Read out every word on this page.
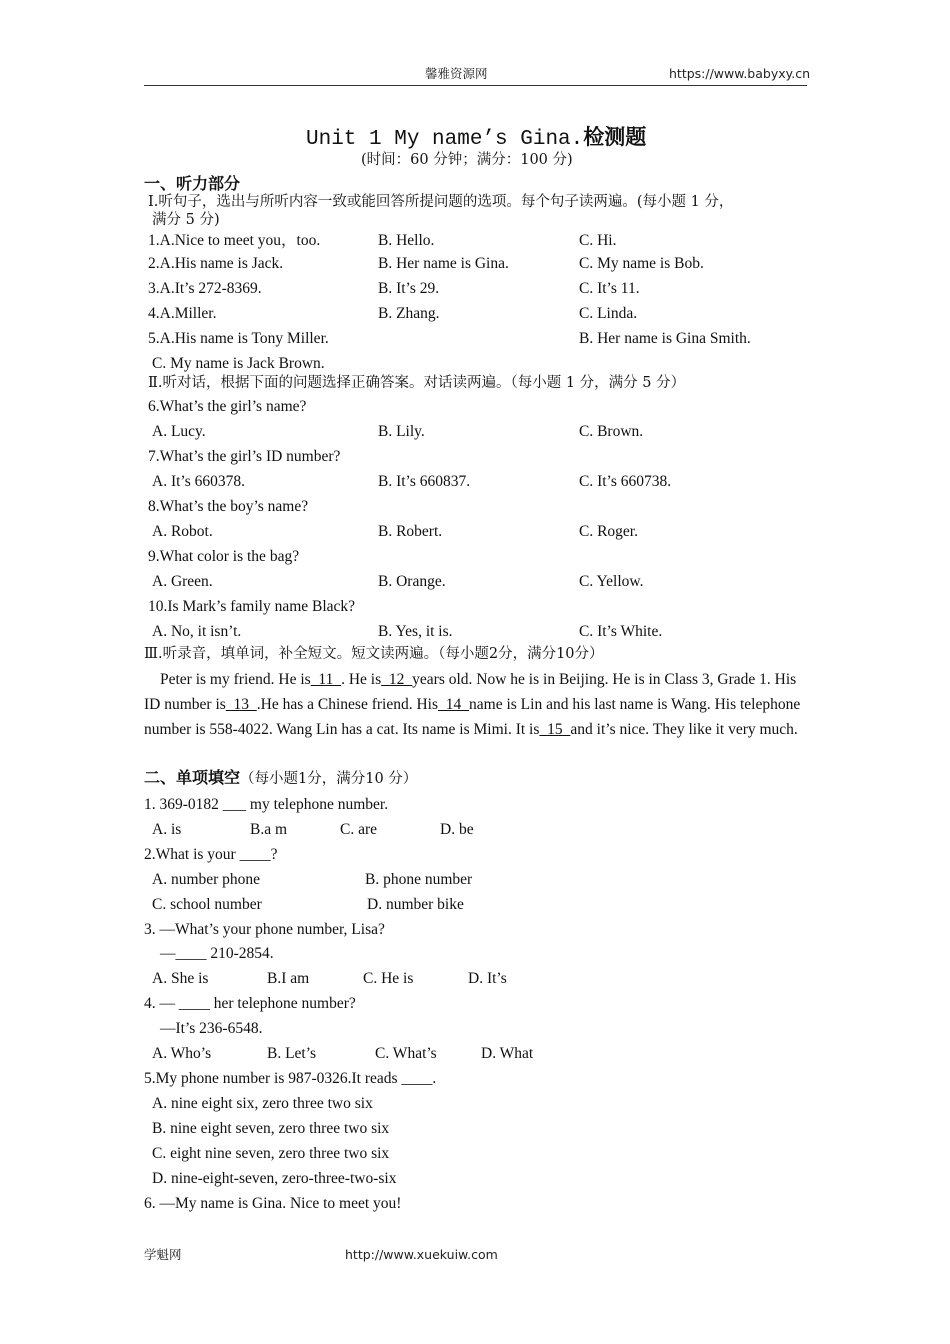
馨雅资源网	https://www.babyxy.cn
Unit 1 My name’s Gina.检测题
(时间：60 分钟；满分：100 分)
一、听力部分
Ⅰ.听句子，选出与所听内容一致或能回答所提问题的选项。每个句子读两遍。(每小题 1 分，
满分 5 分)
1.A.Nice to meet you，too.	B. Hello.	C. Hi.
2.A.His name is Jack.	B. Her name is Gina.	C. My name is Bob.
3.A.It’s 272-8369.	B. It’s 29.	C. It’s 11.
4.A.Miller.	B. Zhang.	C. Linda.
5.A.His name is Tony Miller.	B. Her name is Gina Smith.
C. My name is Jack Brown.
Ⅱ.听对话，根据下面的问题选择正确答案。对话读两遍。（每小题 1 分，满分 5 分）
6.What’s the girl’s name?
A. Lucy.	B. Lily.	C. Brown.
7.What’s the girl’s ID number?
A. It’s 660378.	B. It’s 660837.	C. It’s 660738.
8.What’s the boy’s name?
A. Robot.	B. Robert.	C. Roger.
9.What color is the bag?
A. Green.	B. Orange.	C. Yellow.
10.Is Mark’s family name Black?
A. No, it isn’t.	B. Yes, it is.	C. It’s White.
Ⅲ.听录音，填单词，补全短文。短文读两遍。（每小题2分，满分10分）
Peter is my friend. He is  11  . He is  12  years old. Now he is in Beijing. He is in Class 3, Grade 1. His ID number is  13  .He has a Chinese friend. His  14  name is Lin and his last name is Wang. His telephone number is 558-4022. Wang Lin has a cat. Its name is Mimi. It is  15  and it’s nice. They like it very much.
二、单项填空（每小题1分，满分10 分）
1. 369-0182 ___ my telephone number.
A. is	B.a m	C. are	D. be
2.What is your ____?
A. number phone	B. phone number
C. school number	D. number bike
3. —What’s your phone number, Lisa?
—____ 210-2854.
A. She is	B.I am	C. He is	D. It’s
4. — ____ her telephone number?
—It’s 236-6548.
A. Who’s	B. Let’s	C. What’s	D. What
5.My phone number is 987-0326.It reads ____.
A. nine eight six, zero three two six
B. nine eight seven, zero three two six
C. eight nine seven, zero three two six
D. nine-eight-seven, zero-three-two-six
6. —My name is Gina. Nice to meet you!
学魁网	http://www.xuekuiw.com
